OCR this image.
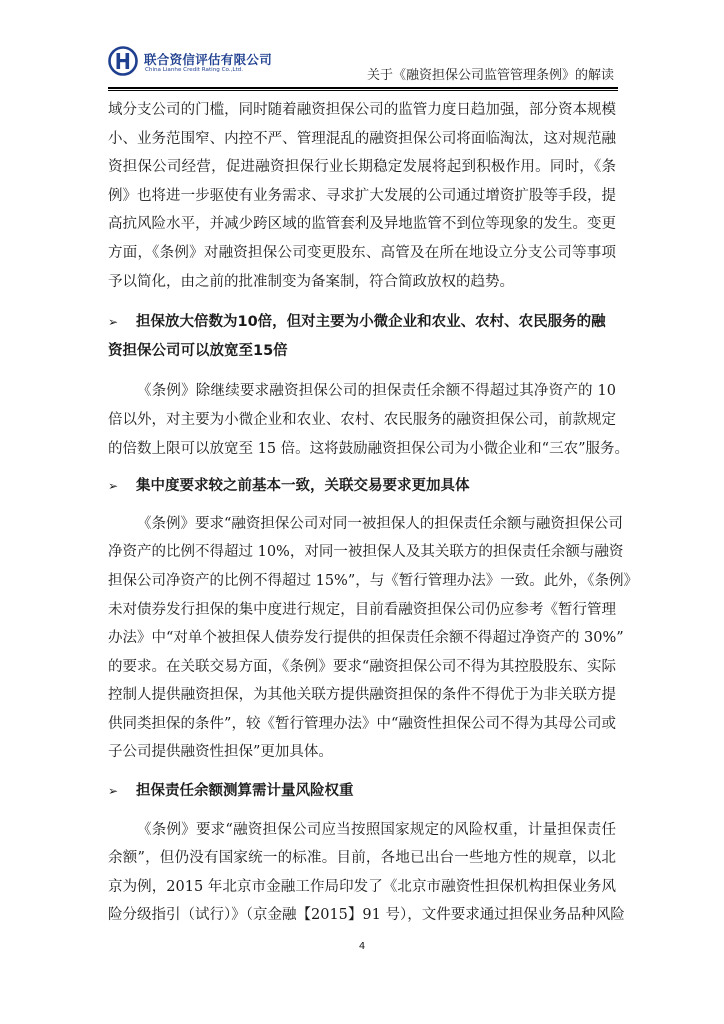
联合资信评估有限公司
China Lianhe Credit Rating Co.,Ltd.	关于《融资担保公司监管管理条例》的解读
域分支公司的门槛，同时随着融资担保公司的监管力度日趋加强，部分资本规模
小、业务范围窄、内控不严、管理混乱的融资担保公司将面临淘汰，这对规范融
资担保公司经营，促进融资担保行业长期稳定发展将起到积极作用。同时，《条
例》也将进一步驱使有业务需求、寻求扩大发展的公司通过增资扩股等手段，提
高抗风险水平，并减少跨区域的监管套利及异地监管不到位等现象的发生。变更
方面，《条例》对融资担保公司变更股东、高管及在所在地设立分支公司等事项
予以简化，由之前的批准制变为备案制，符合简政放权的趋势。
➢ 担保放大倍数为10倍，但对主要为小微企业和农业、农村、农民服务的融
资担保公司可以放宽至15倍
《条例》除继续要求融资担保公司的担保责任余额不得超过其净资产的 10
倍以外，对主要为小微企业和农业、农村、农民服务的融资担保公司，前款规定
的倍数上限可以放宽至 15 倍。这将鼓励融资担保公司为小微企业和“三农”服务。
➢ 集中度要求较之前基本一致，关联交易要求更加具体
《条例》要求“融资担保公司对同一被担保人的担保责任余额与融资担保公司
净资产的比例不得超过 10%，对同一被担保人及其关联方的担保责任余额与融资
担保公司净资产的比例不得超过 15%”，与《暂行管理办法》一致。此外，《条例》
未对债券发行担保的集中度进行规定，目前看融资担保公司仍应参考《暂行管理
办法》中“对单个被担保人债券发行提供的担保责任余额不得超过净资产的 30%”
的要求。在关联交易方面，《条例》要求“融资担保公司不得为其控股股东、实际
控制人提供融资担保，为其他关联方提供融资担保的条件不得优于为非关联方提
供同类担保的条件”，较《暂行管理办法》中“融资性担保公司不得为其母公司或
子公司提供融资性担保”更加具体。
➢ 担保责任余额测算需计量风险权重
《条例》要求“融资担保公司应当按照国家规定的风险权重，计量担保责任
余额”，但仍没有国家统一的标准。目前，各地已出台一些地方性的规章，以北
京为例，2015 年北京市金融工作局印发了《北京市融资性担保机构担保业务风
险分级指引（试行）》（京金融【2015】91 号），文件要求通过担保业务品种风险
4
